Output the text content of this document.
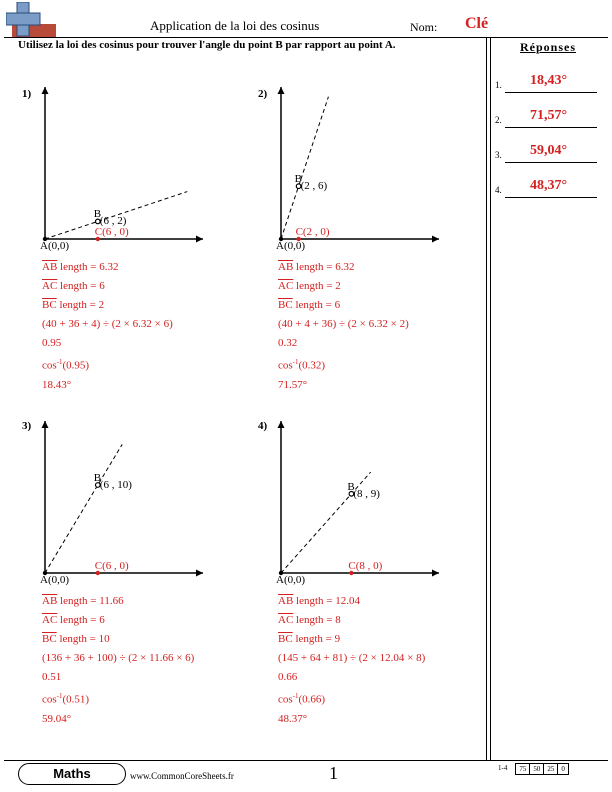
Application de la loi des cosinus	Nom: Clé
Utilisez la loi des cosinus pour trouver l'angle du point B par rapport au point A.	Réponses
1. 18,43°
2. 71,57°
3. 59,04°
4. 48,37°
1)	2)
3)	4)
A(0,0)
B
(6 , 2)
C(6 , 0)
A(0,0)
B
(2 , 6)
C(2 , 0)
A(0,0)
B
(6 , 10)
C(6 , 0)
A(0,0)
B
(8 , 9)
C(8 , 0)
$\overline{AB}$ length = 6.32
$\overline{AC}$ length = 6
$\overline{BC}$ length = 2
(40 + 36 + 4) ÷ (2 × 6.32 × 6)
0.95
$\cos^{-1}(0.95)$
18.43°
$\overline{AB}$ length = 6.32
$\overline{AC}$ length = 2
$\overline{BC}$ length = 6
(40 + 4 + 36) ÷ (2 × 6.32 × 2)
0.32
$\cos^{-1}(0.32)$
71.57°
$\overline{AB}$ length = 11.66
$\overline{AC}$ length = 6
$\overline{BC}$ length = 10
(136 + 36 + 100) ÷ (2 × 11.66 × 6)
0.51
$\cos^{-1}(0.51)$
59.04°
$\overline{AB}$ length = 12.04
$\overline{AC}$ length = 8
$\overline{BC}$ length = 9
(145 + 64 + 81) ÷ (2 × 12.04 × 8)
0.66
$\cos^{-1}(0.66)$
48.37°
Maths	www.CommonCoreSheets.fr	1	1-4	75	50	25	0
